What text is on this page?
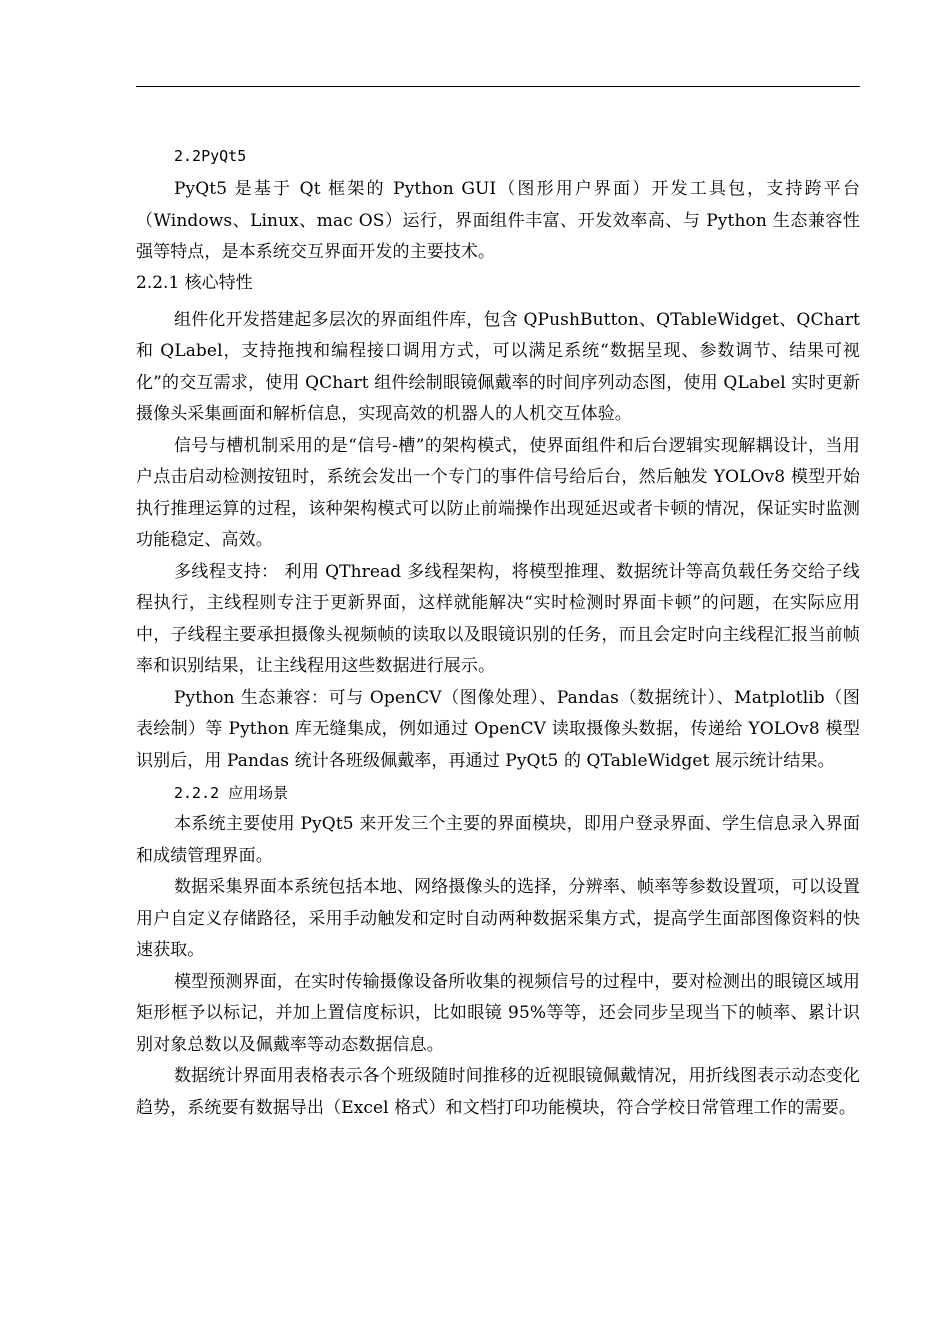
2.2PyQt5

PyQt5 是基于 Qt 框架的 Python GUI（图形用户界面）开发工具包，支持跨平台（Windows、Linux、mac OS）运行，界面组件丰富、开发效率高、与 Python 生态兼容性强等特点，是本系统交互界面开发的主要技术。

2.2.1 核心特性

组件化开发搭建起多层次的界面组件库，包含 QPushButton、QTableWidget、QChart 和 QLabel，支持拖拽和编程接口调用方式，可以满足系统“数据呈现、参数调节、结果可视化”的交互需求，使用 QChart 组件绘制眼镜佩戴率的时间序列动态图，使用 QLabel 实时更新摄像头采集画面和解析信息，实现高效的机器人的人机交互体验。

信号与槽机制采用的是“信号-槽”的架构模式，使界面组件和后台逻辑实现解耦设计，当用户点击启动检测按钮时，系统会发出一个专门的事件信号给后台，然后触发 YOLOv8 模型开始执行推理运算的过程，该种架构模式可以防止前端操作出现延迟或者卡顿的情况，保证实时监测功能稳定、高效。

多线程支持： 利用 QThread 多线程架构，将模型推理、数据统计等高负载任务交给子线程执行，主线程则专注于更新界面，这样就能解决“实时检测时界面卡顿”的问题，在实际应用中，子线程主要承担摄像头视频帧的读取以及眼镜识别的任务，而且会定时向主线程汇报当前帧率和识别结果，让主线程用这些数据进行展示。

Python 生态兼容：可与 OpenCV（图像处理）、Pandas（数据统计）、Matplotlib（图表绘制）等 Python 库无缝集成，例如通过 OpenCV 读取摄像头数据，传递给 YOLOv8 模型识别后，用 Pandas 统计各班级佩戴率，再通过 PyQt5 的 QTableWidget 展示统计结果。

2.2.2 应用场景

本系统主要使用 PyQt5 来开发三个主要的界面模块，即用户登录界面、学生信息录入界面和成绩管理界面。

数据采集界面本系统包括本地、网络摄像头的选择，分辨率、帧率等参数设置项，可以设置用户自定义存储路径，采用手动触发和定时自动两种数据采集方式，提高学生面部图像资料的快速获取。

模型预测界面，在实时传输摄像设备所收集的视频信号的过程中，要对检测出的眼镜区域用矩形框予以标记，并加上置信度标识，比如眼镜 95%等等，还会同步呈现当下的帧率、累计识别对象总数以及佩戴率等动态数据信息。

数据统计界面用表格表示各个班级随时间推移的近视眼镜佩戴情况，用折线图表示动态变化趋势，系统要有数据导出（Excel 格式）和文档打印功能模块，符合学校日常管理工作的需要。
